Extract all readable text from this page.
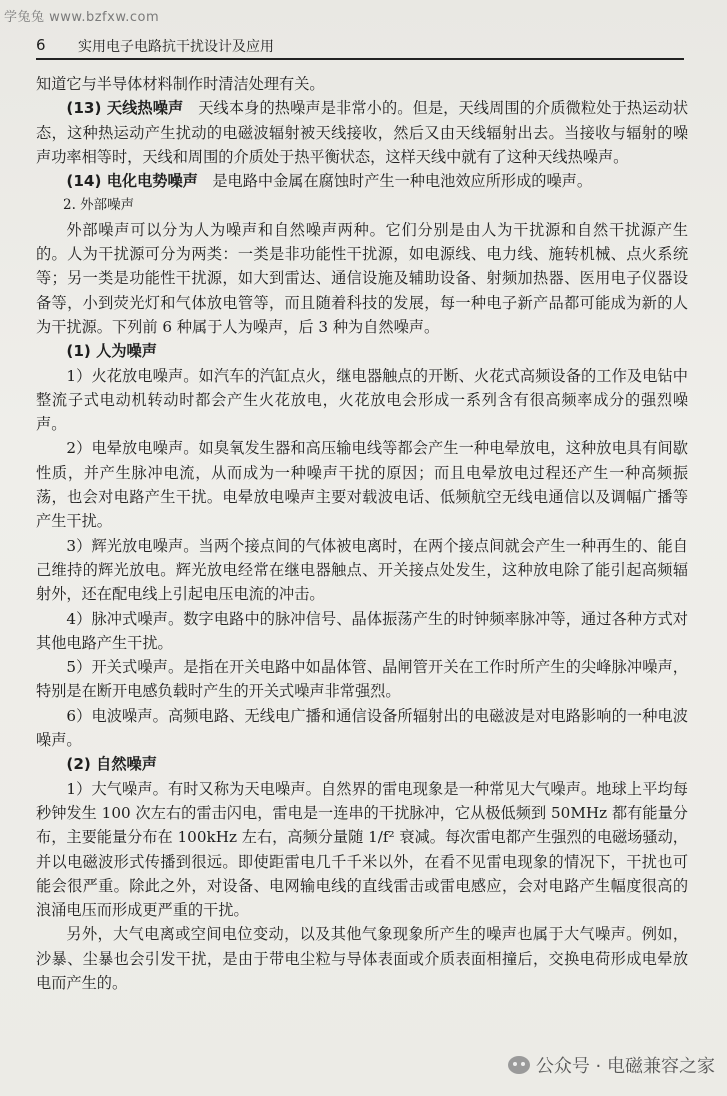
学兔兔 www.bzfxw.com
6 实用电子电路抗干扰设计及应用

知道它与半导体材料制作时清洁处理有关。

(13) 天线热噪声 天线本身的热噪声是非常小的。但是，天线周围的介质微粒处于热运动状态，这种热运动产生扰动的电磁波辐射被天线接收，然后又由天线辐射出去。当接收与辐射的噪声功率相等时，天线和周围的介质处于热平衡状态，这样天线中就有了这种天线热噪声。

(14) 电化电势噪声 是电路中金属在腐蚀时产生一种电池效应所形成的噪声。

2. 外部噪声

外部噪声可以分为人为噪声和自然噪声两种。它们分别是由人为干扰源和自然干扰源产生的。人为干扰源可分为两类：一类是非功能性干扰源，如电源线、电力线、施转机械、点火系统等；另一类是功能性干扰源，如大到雷达、通信设施及辅助设备、射频加热器、医用电子仪器设备等，小到荧光灯和气体放电管等，而且随着科技的发展，每一种电子新产品都可能成为新的人为干扰源。下列前 6 种属于人为噪声，后 3 种为自然噪声。

(1) 人为噪声

1）火花放电噪声。如汽车的汽缸点火，继电器触点的开断、火花式高频设备的工作及电钻中整流子式电动机转动时都会产生火花放电，火花放电会形成一系列含有很高频率成分的强烈噪声。

2）电晕放电噪声。如臭氧发生器和高压输电线等都会产生一种电晕放电，这种放电具有间歇性质，并产生脉冲电流，从而成为一种噪声干扰的原因；而且电晕放电过程还产生一种高频振荡，也会对电路产生干扰。电晕放电噪声主要对载波电话、低频航空无线电通信以及调幅广播等产生干扰。

3）辉光放电噪声。当两个接点间的气体被电离时，在两个接点间就会产生一种再生的、能自己维持的辉光放电。辉光放电经常在继电器触点、开关接点处发生，这种放电除了能引起高频辐射外，还在配电线上引起电压电流的冲击。

4）脉冲式噪声。数字电路中的脉冲信号、晶体振荡产生的时钟频率脉冲等，通过各种方式对其他电路产生干扰。

5）开关式噪声。是指在开关电路中如晶体管、晶闸管开关在工作时所产生的尖峰脉冲噪声，特别是在断开电感负载时产生的开关式噪声非常强烈。

6）电波噪声。高频电路、无线电广播和通信设备所辐射出的电磁波是对电路影响的一种电波噪声。

(2) 自然噪声

1）大气噪声。有时又称为天电噪声。自然界的雷电现象是一种常见大气噪声。地球上平均每秒钟发生 100 次左右的雷击闪电，雷电是一连串的干扰脉冲，它从极低频到 50MHz 都有能量分布，主要能量分布在 100kHz 左右，高频分量随 1/f² 衰减。每次雷电都产生强烈的电磁场骚动，并以电磁波形式传播到很远。即使距雷电几千千米以外，在看不见雷电现象的情况下，干扰也可能会很严重。除此之外，对设备、电网输电线的直线雷击或雷电感应，会对电路产生幅度很高的浪涌电压而形成更严重的干扰。

另外，大气电离或空间电位变动，以及其他气象现象所产生的噪声也属于大气噪声。例如，沙暴、尘暴也会引发干扰，是由于带电尘粒与导体表面或介质表面相撞后，交换电荷形成电晕放电而产生的。

公众号 · 电磁兼容之家
